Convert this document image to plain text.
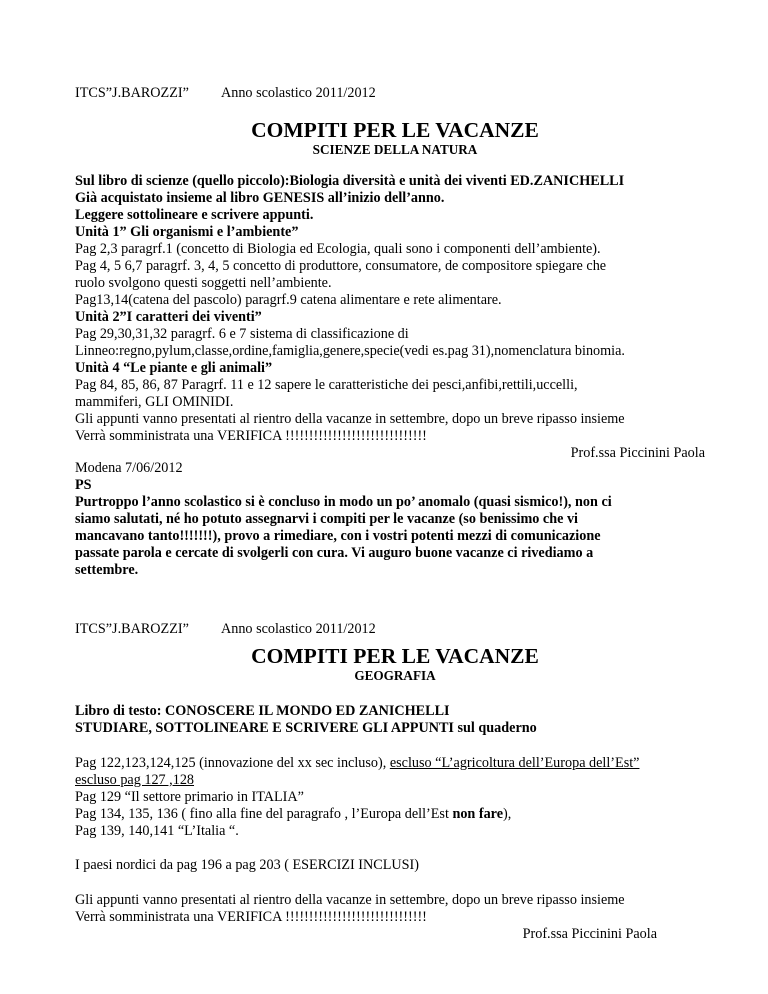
ITCS”J.BAROZZI” Anno scolastico 2011/2012
COMPITI PER LE VACANZE
SCIENZE DELLA NATURA
Sul libro di scienze (quello piccolo):Biologia diversità e unità dei viventi ED.ZANICHELLI
Già acquistato insieme al libro GENESIS all’inizio dell’anno.
Leggere sottolineare e scrivere appunti.
Unità 1” Gli organismi e l’ambiente”
Pag 2,3 paragrf.1 (concetto di Biologia ed Ecologia, quali sono i componenti dell’ambiente).
Pag 4, 5 6,7 paragrf. 3, 4, 5 concetto di produttore, consumatore, de compositore spiegare che
ruolo svolgono questi soggetti nell’ambiente.
Pag13,14(catena del pascolo) paragrf.9 catena alimentare e rete alimentare.
Unità 2”I caratteri dei viventi”
Pag 29,30,31,32 paragrf. 6 e 7 sistema di classificazione di
Linneo:regno,pylum,classe,ordine,famiglia,genere,specie(vedi es.pag 31),nomenclatura binomia.
Unità 4 “Le piante e gli animali”
Pag 84, 85, 86, 87 Paragrf. 11 e 12 sapere le caratteristiche dei pesci,anfibi,rettili,uccelli,
mammiferi, GLI OMINIDI.
Gli appunti vanno presentati al rientro della vacanze in settembre, dopo un breve ripasso insieme
Verrà somministrata una VERIFICA !!!!!!!!!!!!!!!!!!!!!!!!!!!!!!
Prof.ssa Piccinini Paola
Modena 7/06/2012
PS
Purtroppo l’anno scolastico si è concluso in modo un po’ anomalo (quasi sismico!), non ci
siamo salutati, né ho potuto assegnarvi i compiti per le vacanze (so benissimo che vi
mancavano tanto!!!!!!!), provo a rimediare, con i vostri potenti mezzi di comunicazione
passate parola e cercate di svolgerli con cura. Vi auguro buone vacanze ci rivediamo a
settembre.
ITCS”J.BAROZZI” Anno scolastico 2011/2012
COMPITI PER LE VACANZE
GEOGRAFIA
Libro di testo: CONOSCERE IL MONDO ED ZANICHELLI
STUDIARE, SOTTOLINEARE E SCRIVERE GLI APPUNTI sul quaderno
Pag 122,123,124,125 (innovazione del xx sec incluso), escluso “L’agricoltura dell’Europa dell’Est”
escluso pag 127 ,128
Pag 129 “Il settore primario in ITALIA”
Pag 134, 135, 136 ( fino alla fine del paragrafo , l’Europa dell’Est non fare),
Pag 139, 140,141 “L’Italia “.
I paesi nordici da pag 196 a pag 203 ( ESERCIZI INCLUSI)
Gli appunti vanno presentati al rientro della vacanze in settembre, dopo un breve ripasso insieme
Verrà somministrata una VERIFICA !!!!!!!!!!!!!!!!!!!!!!!!!!!!!!
Prof.ssa Piccinini Paola
